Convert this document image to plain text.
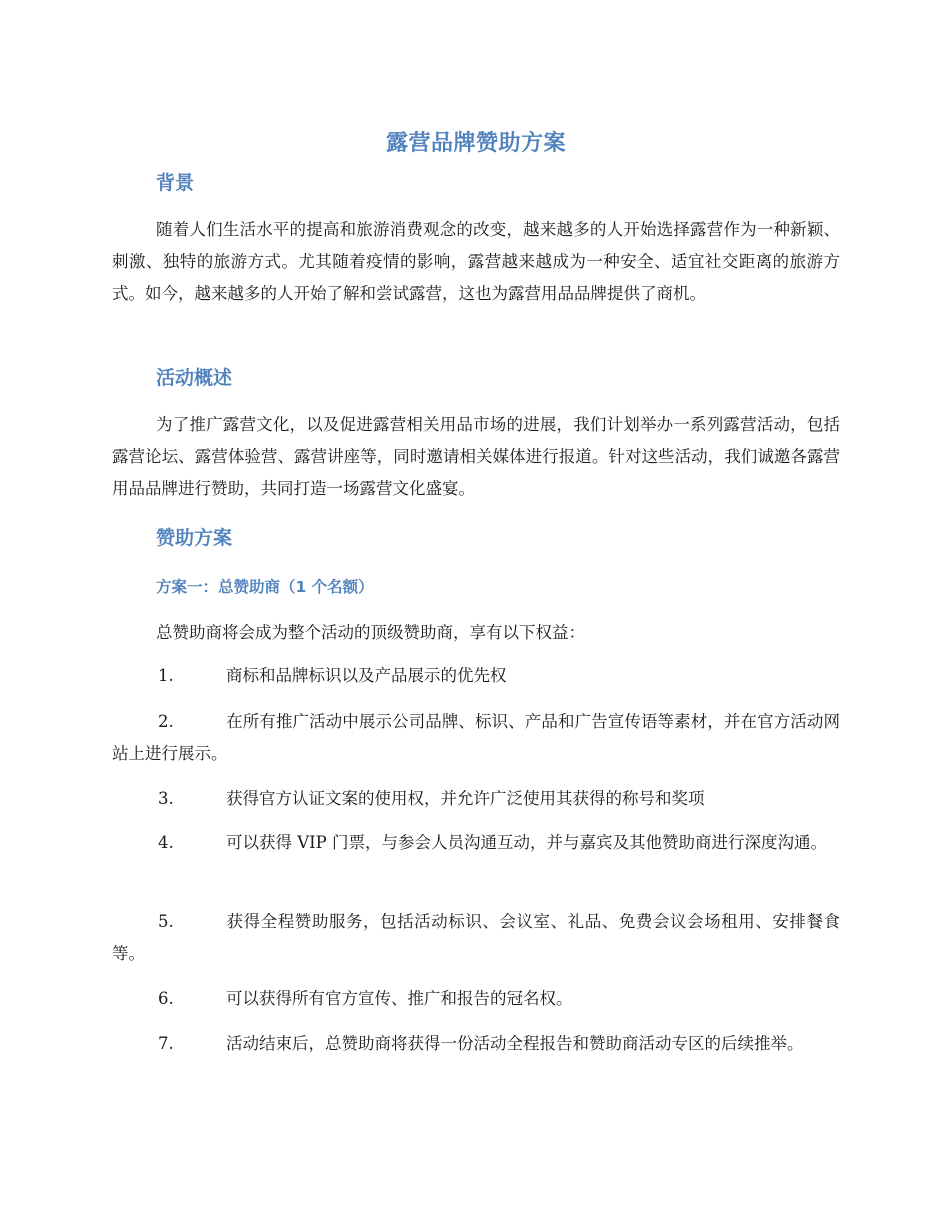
露营品牌赞助方案
背景

随着人们生活水平的提高和旅游消费观念的改变，越来越多的人开始选择露营作为一种新颖、刺激、独特的旅游方式。尤其随着疫情的影响，露营越来越成为一种安全、适宜社交距离的旅游方式。如今，越来越多的人开始了解和尝试露营，这也为露营用品品牌提供了商机。

活动概述

为了推广露营文化，以及促进露营相关用品市场的进展，我们计划举办一系列露营活动，包括露营论坛、露营体验营、露营讲座等，同时邀请相关媒体进行报道。针对这些活动，我们诚邀各露营用品品牌进行赞助，共同打造一场露营文化盛宴。

赞助方案
方案一：总赞助商（1 个名额）

总赞助商将会成为整个活动的顶级赞助商，享有以下权益：

1.	商标和品牌标识以及产品展示的优先权

2.	在所有推广活动中展示公司品牌、标识、产品和广告宣传语等素材，并在官方活动网站上进行展示。

3.	获得官方认证文案的使用权，并允许广泛使用其获得的称号和奖项

4.	可以获得 VIP 门票，与参会人员沟通互动，并与嘉宾及其他赞助商进行深度沟通。

5.	获得全程赞助服务，包括活动标识、会议室、礼品、免费会议会场租用、安排餐食等。

6.	可以获得所有官方宣传、推广和报告的冠名权。

7.	活动结束后，总赞助商将获得一份活动全程报告和赞助商活动专区的后续推举。
